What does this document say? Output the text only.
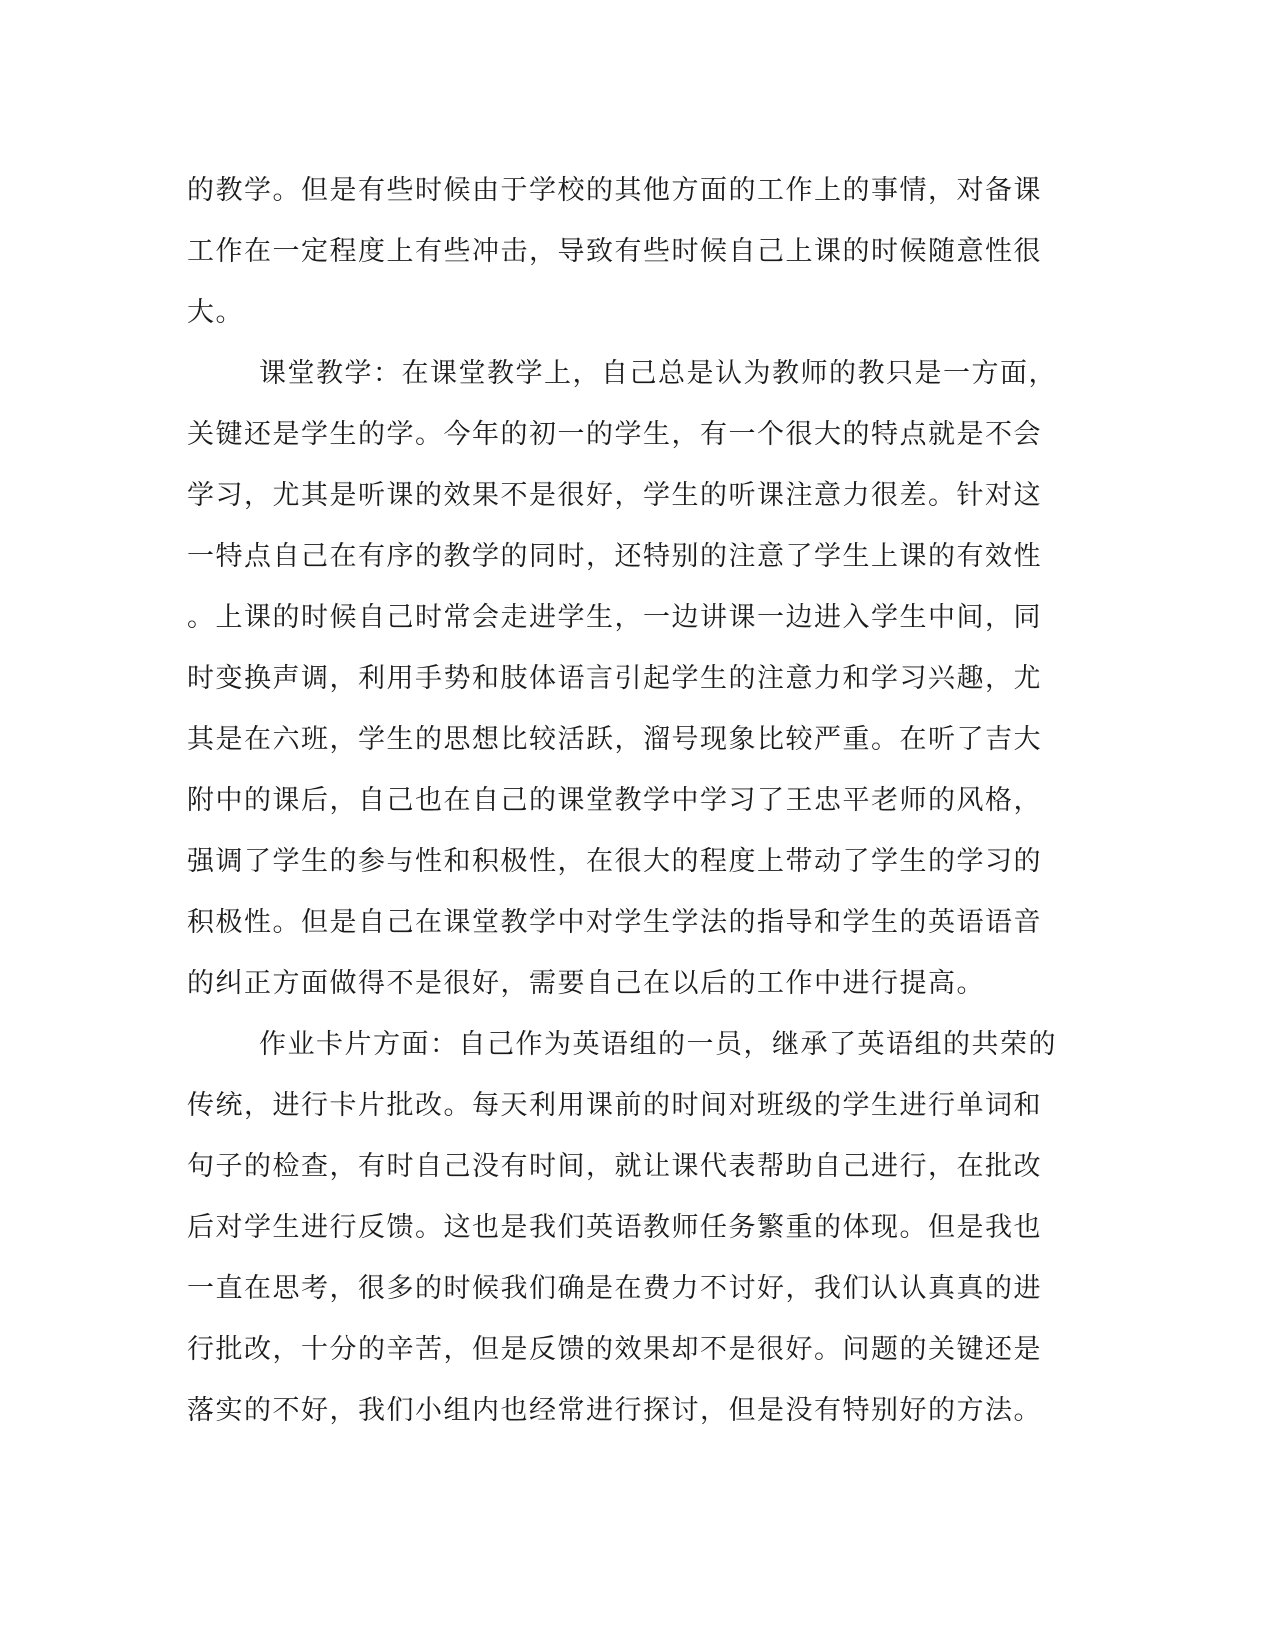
的教学。但是有些时候由于学校的其他方面的工作上的事情，对备课
工作在一定程度上有些冲击，导致有些时候自己上课的时候随意性很
大。
课堂教学：在课堂教学上，自己总是认为教师的教只是一方面，
关键还是学生的学。今年的初一的学生，有一个很大的特点就是不会
学习，尤其是听课的效果不是很好，学生的听课注意力很差。针对这
一特点自己在有序的教学的同时，还特别的注意了学生上课的有效性
。上课的时候自己时常会走进学生，一边讲课一边进入学生中间，同
时变换声调，利用手势和肢体语言引起学生的注意力和学习兴趣，尤
其是在六班，学生的思想比较活跃，溜号现象比较严重。在听了吉大
附中的课后，自己也在自己的课堂教学中学习了王忠平老师的风格，
强调了学生的参与性和积极性，在很大的程度上带动了学生的学习的
积极性。但是自己在课堂教学中对学生学法的指导和学生的英语语音
的纠正方面做得不是很好，需要自己在以后的工作中进行提高。
作业卡片方面：自己作为英语组的一员，继承了英语组的共荣的
传统，进行卡片批改。每天利用课前的时间对班级的学生进行单词和
句子的检查，有时自己没有时间，就让课代表帮助自己进行，在批改
后对学生进行反馈。这也是我们英语教师任务繁重的体现。但是我也
一直在思考，很多的时候我们确是在费力不讨好，我们认认真真的进
行批改，十分的辛苦，但是反馈的效果却不是很好。问题的关键还是
落实的不好，我们小组内也经常进行探讨，但是没有特别好的方法。
